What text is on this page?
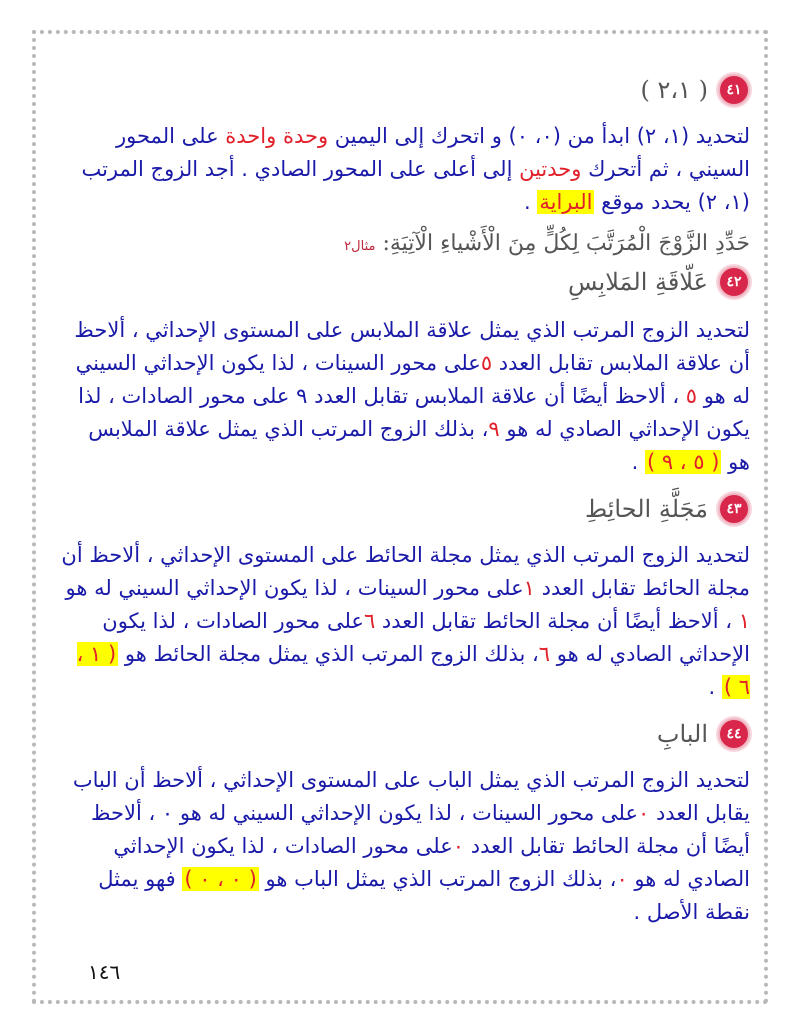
٤١
( ٢،١ )

لتحديد (١، ٢) ابدأ من (٠، ٠) و اتحرك إلى اليمين وحدة واحدة على المحور السيني ، ثم أتحرك وحدتين إلى أعلى على المحور الصادي . أجد الزوج المرتب (١، ٢) يحدد موقع البراية .

حَدِّدِ الزَّوْجَ الْمُرَتَّبَ لِكُلٍّ مِنَ الْأَشْياءِ الْآتِيَةِ: مثال٢
٤٢
عَلّاقَةِ المَلابِسِ

لتحديد الزوج المرتب الذي يمثل علاقة الملابس على المستوى الإحداثي ، ألاحظ أن علاقة الملابس تقابل العدد ٥على محور السينات ، لذا يكون الإحداثي السيني له هو ٥ ، ألاحظ أيضًا أن علاقة الملابس تقابل العدد ٩ على محور الصادات ، لذا يكون الإحداثي الصادي له هو ٩، بذلك الزوج المرتب الذي يمثل علاقة الملابس هو ( ٥ ، ٩ ) .

٤٣
مَجَلَّةِ الحائِطِ

لتحديد الزوج المرتب الذي يمثل مجلة الحائط على المستوى الإحداثي ، ألاحظ أن مجلة الحائط تقابل العدد ١على محور السينات ، لذا يكون الإحداثي السيني له هو ١ ، ألاحظ أيضًا أن مجلة الحائط تقابل العدد ٦على محور الصادات ، لذا يكون الإحداثي الصادي له هو ٦، بذلك الزوج المرتب الذي يمثل مجلة الحائط هو ( ١ ، ٦ ) .

٤٤
البابِ

لتحديد الزوج المرتب الذي يمثل الباب على المستوى الإحداثي ، ألاحظ أن الباب يقابل العدد ٠على محور السينات ، لذا يكون الإحداثي السيني له هو ٠ ، ألاحظ أيضًا أن مجلة الحائط تقابل العدد ٠على محور الصادات ، لذا يكون الإحداثي الصادي له هو ٠، بذلك الزوج المرتب الذي يمثل الباب هو ( ٠ ، ٠ ) فهو يمثل نقطة الأصل .

١٤٦
